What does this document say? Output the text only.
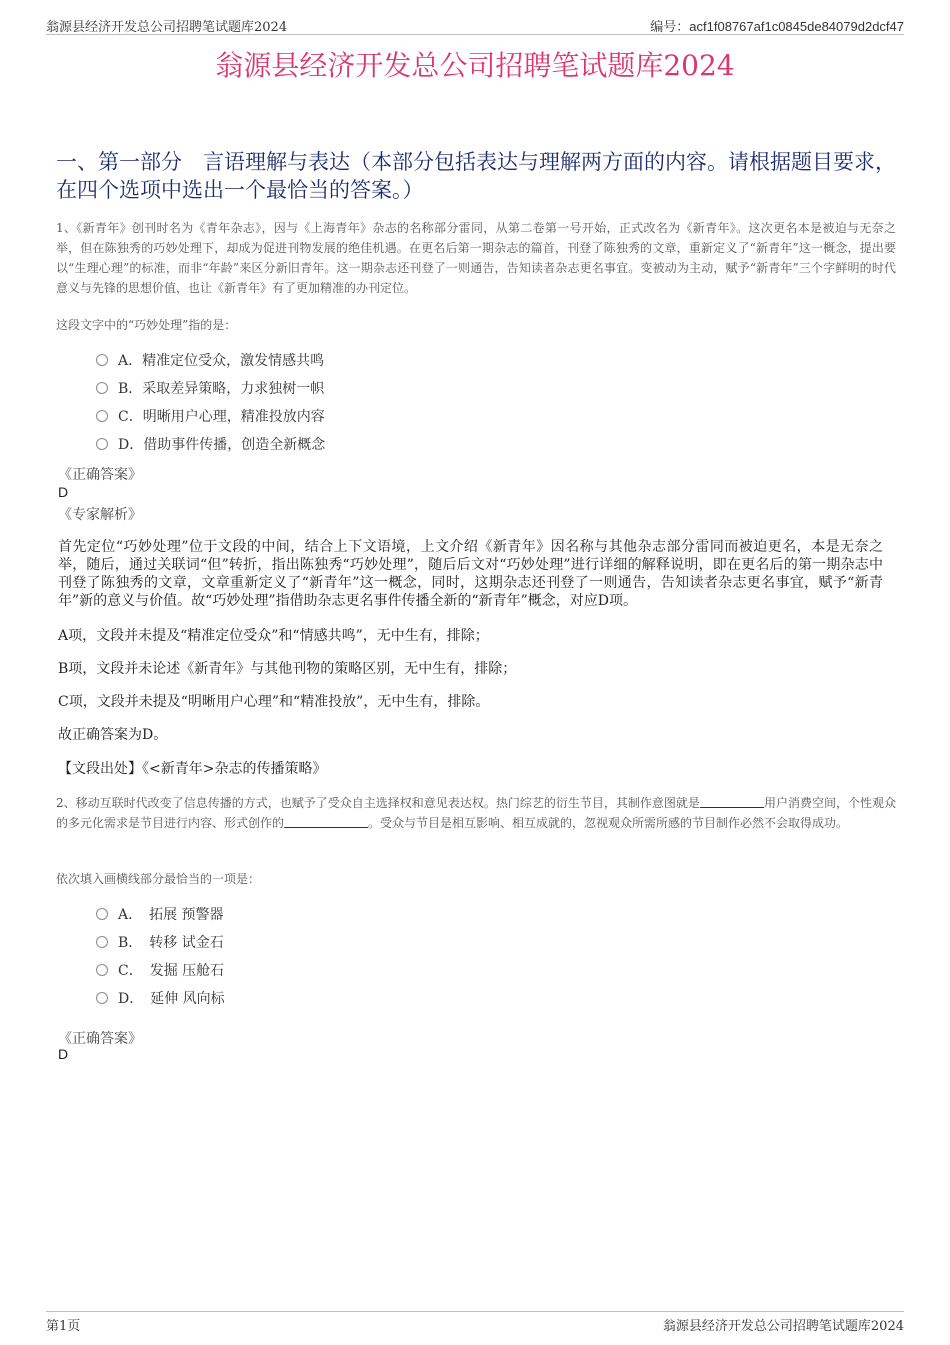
翁源县经济开发总公司招聘笔试题库2024	编号：acf1f08767af1c0845de84079d2dcf47
翁源县经济开发总公司招聘笔试题库2024
一、第一部分　言语理解与表达（本部分包括表达与理解两方面的内容。请根据题目要求，在四个选项中选出一个最恰当的答案。）
1、《新青年》创刊时名为《青年杂志》，因与《上海青年》杂志的名称部分雷同，从第二卷第一号开始，正式改名为《新青年》。这次更名本是被迫与无奈之举，但在陈独秀的巧妙处理下，却成为促进刊物发展的绝佳机遇。在更名后第一期杂志的篇首，刊登了陈独秀的文章，重新定义了“新青年”这一概念，提出要以“生理心理”的标准，而非“年龄”来区分新旧青年。这一期杂志还刊登了一则通告，告知读者杂志更名事宜。变被动为主动，赋予“新青年”三个字鲜明的时代意义与先锋的思想价值，也让《新青年》有了更加精准的办刊定位。
这段文字中的“巧妙处理”指的是：
A．精准定位受众，激发情感共鸣
B．采取差异策略，力求独树一帜
C．明晰用户心理，精准投放内容
D．借助事件传播，创造全新概念
《正确答案》
D
《专家解析》
首先定位“巧妙处理”位于文段的中间，结合上下文语境，上文介绍《新青年》因名称与其他杂志部分雷同而被迫更名，本是无奈之举，随后，通过关联词“但”转折，指出陈独秀“巧妙处理”，随后后文对“巧妙处理”进行详细的解释说明，即在更名后的第一期杂志中刊登了陈独秀的文章，文章重新定义了“新青年”这一概念，同时，这期杂志还刊登了一则通告，告知读者杂志更名事宜，赋予“新青年”新的意义与价值。故“巧妙处理”指借助杂志更名事件传播全新的“新青年”概念，对应D项。
A项，文段并未提及“精准定位受众”和“情感共鸣”，无中生有，排除；
B项，文段并未论述《新青年》与其他刊物的策略区别，无中生有，排除；
C项，文段并未提及“明晰用户心理”和“精准投放”，无中生有，排除。
故正确答案为D。
【文段出处】《<新青年>杂志的传播策略》
2、移动互联时代改变了信息传播的方式，也赋予了受众自主选择权和意见表达权。热门综艺的衍生节目，其制作意图就是	用户消费空间，个性观众的多元化需求是节目进行内容、形式创作的	。受众与节目是相互影响、相互成就的，忽视观众所需所感的节目制作必然不会取得成功。
依次填入画横线部分最恰当的一项是：
A．　拓展 预警器
B．　转移 试金石
C．　发掘 压舱石
D．　延伸 风向标
《正确答案》
D
第1页	翁源县经济开发总公司招聘笔试题库2024
